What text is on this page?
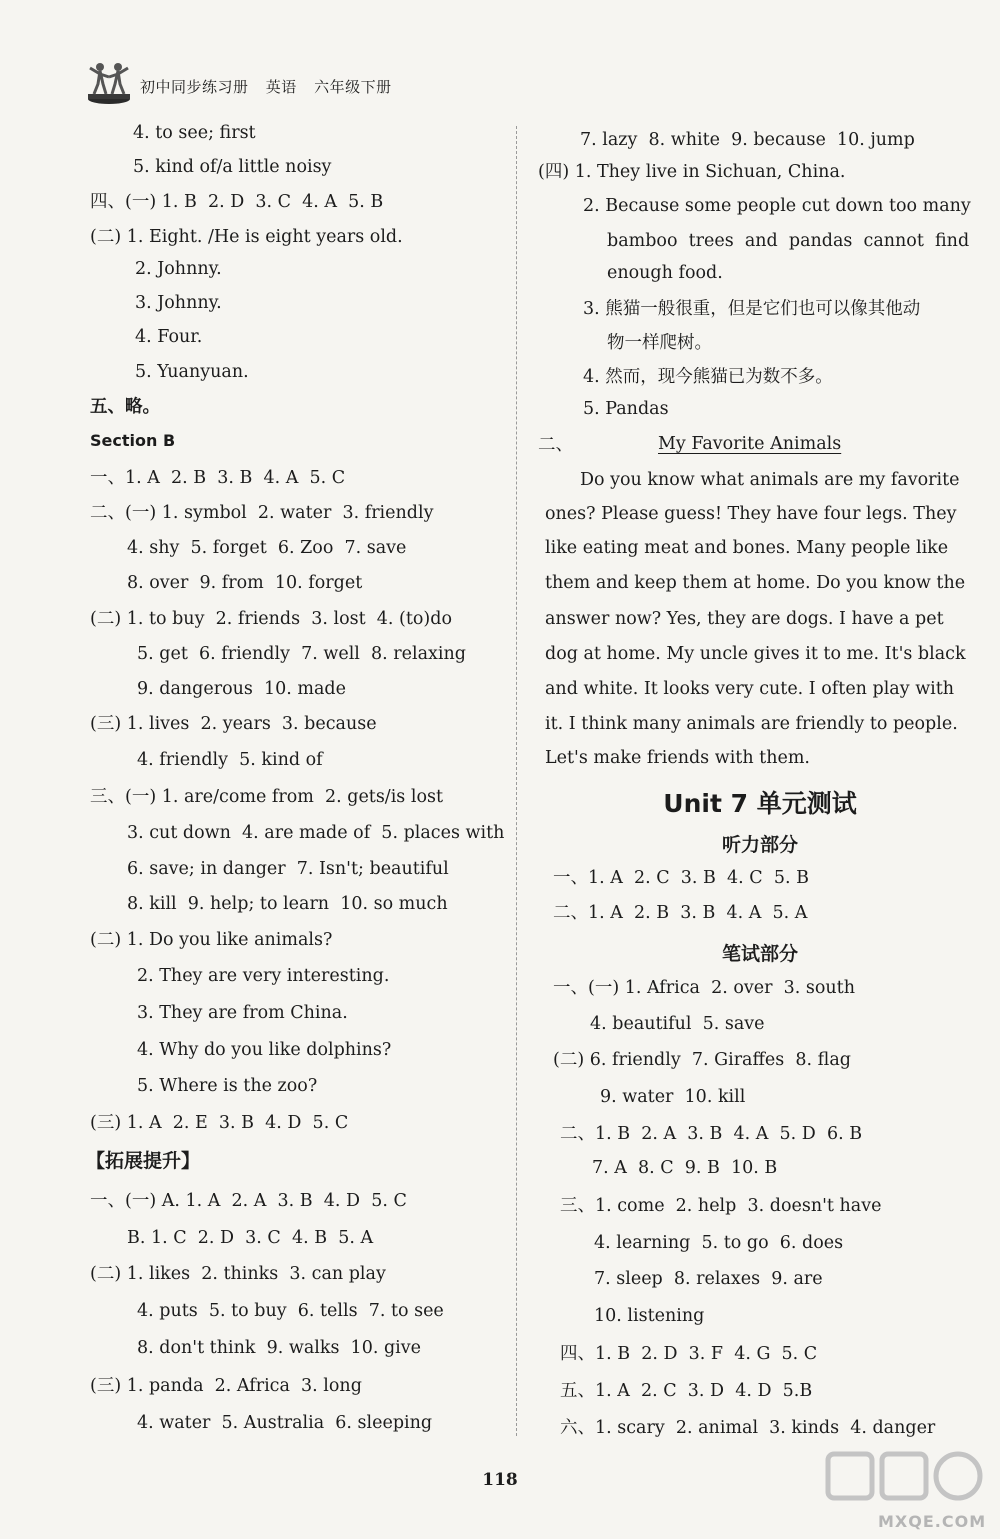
初中同步练习册 英语 六年级下册
4. to see; first
5. kind of/a little noisy
四、(一) 1. B  2. D  3. C  4. A  5. B
(二) 1. Eight. /He is eight years old.
2. Johnny.
3. Johnny.
4. Four.
5. Yuanyuan.
五、略。
Section B
一、1. A  2. B  3. B  4. A  5. C
二、(一) 1. symbol  2. water  3. friendly
4. shy  5. forget  6. Zoo  7. save
8. over  9. from  10. forget
(二) 1. to buy  2. friends  3. lost  4. (to)do
5. get  6. friendly  7. well  8. relaxing
9. dangerous  10. made
(三) 1. lives  2. years  3. because
4. friendly  5. kind of
三、(一) 1. are/come from  2. gets/is lost
3. cut down  4. are made of  5. places with
6. save; in danger  7. Isn't; beautiful
8. kill  9. help; to learn  10. so much
(二) 1. Do you like animals?
2. They are very interesting.
3. They are from China.
4. Why do you like dolphins?
5. Where is the zoo?
(三) 1. A  2. E  3. B  4. D  5. C
【拓展提升】
一、(一) A. 1. A  2. A  3. B  4. D  5. C
B. 1. C  2. D  3. C  4. B  5. A
(二) 1. likes  2. thinks  3. can play
4. puts  5. to buy  6. tells  7. to see
8. don't think  9. walks  10. give
(三) 1. panda  2. Africa  3. long
4. water  5. Australia  6. sleeping
7. lazy  8. white  9. because  10. jump
(四) 1. They live in Sichuan, China.
2. Because some people cut down too many
bamboo  trees  and  pandas  cannot  find
enough food.
3. 熊猫一般很重，但是它们也可以像其他动
物一样爬树。
4. 然而，现今熊猫已为数不多。
5. Pandas
二、	My Favorite Animals
Do you know what animals are my favorite
ones? Please guess! They have four legs. They
like eating meat and bones. Many people like
them and keep them at home. Do you know the
answer now? Yes, they are dogs. I have a pet
dog at home. My uncle gives it to me. It's black
and white. It looks very cute. I often play with
it. I think many animals are friendly to people.
Let's make friends with them.
Unit 7 单元测试
听力部分
一、1. A  2. C  3. B  4. C  5. B
二、1. A  2. B  3. B  4. A  5. A
笔试部分
一、(一) 1. Africa  2. over  3. south
4. beautiful  5. save
(二) 6. friendly  7. Giraffes  8. flag
9. water  10. kill
二、1. B  2. A  3. B  4. A  5. D  6. B
7. A  8. C  9. B  10. B
三、1. come  2. help  3. doesn't have
4. learning  5. to go  6. does
7. sleep  8. relaxes  9. are
10. listening
四、1. B  2. D  3. F  4. G  5. C
五、1. A  2. C  3. D  4. D  5.B
六、1. scary  2. animal  3. kinds  4. danger
118
MXQE.COM
